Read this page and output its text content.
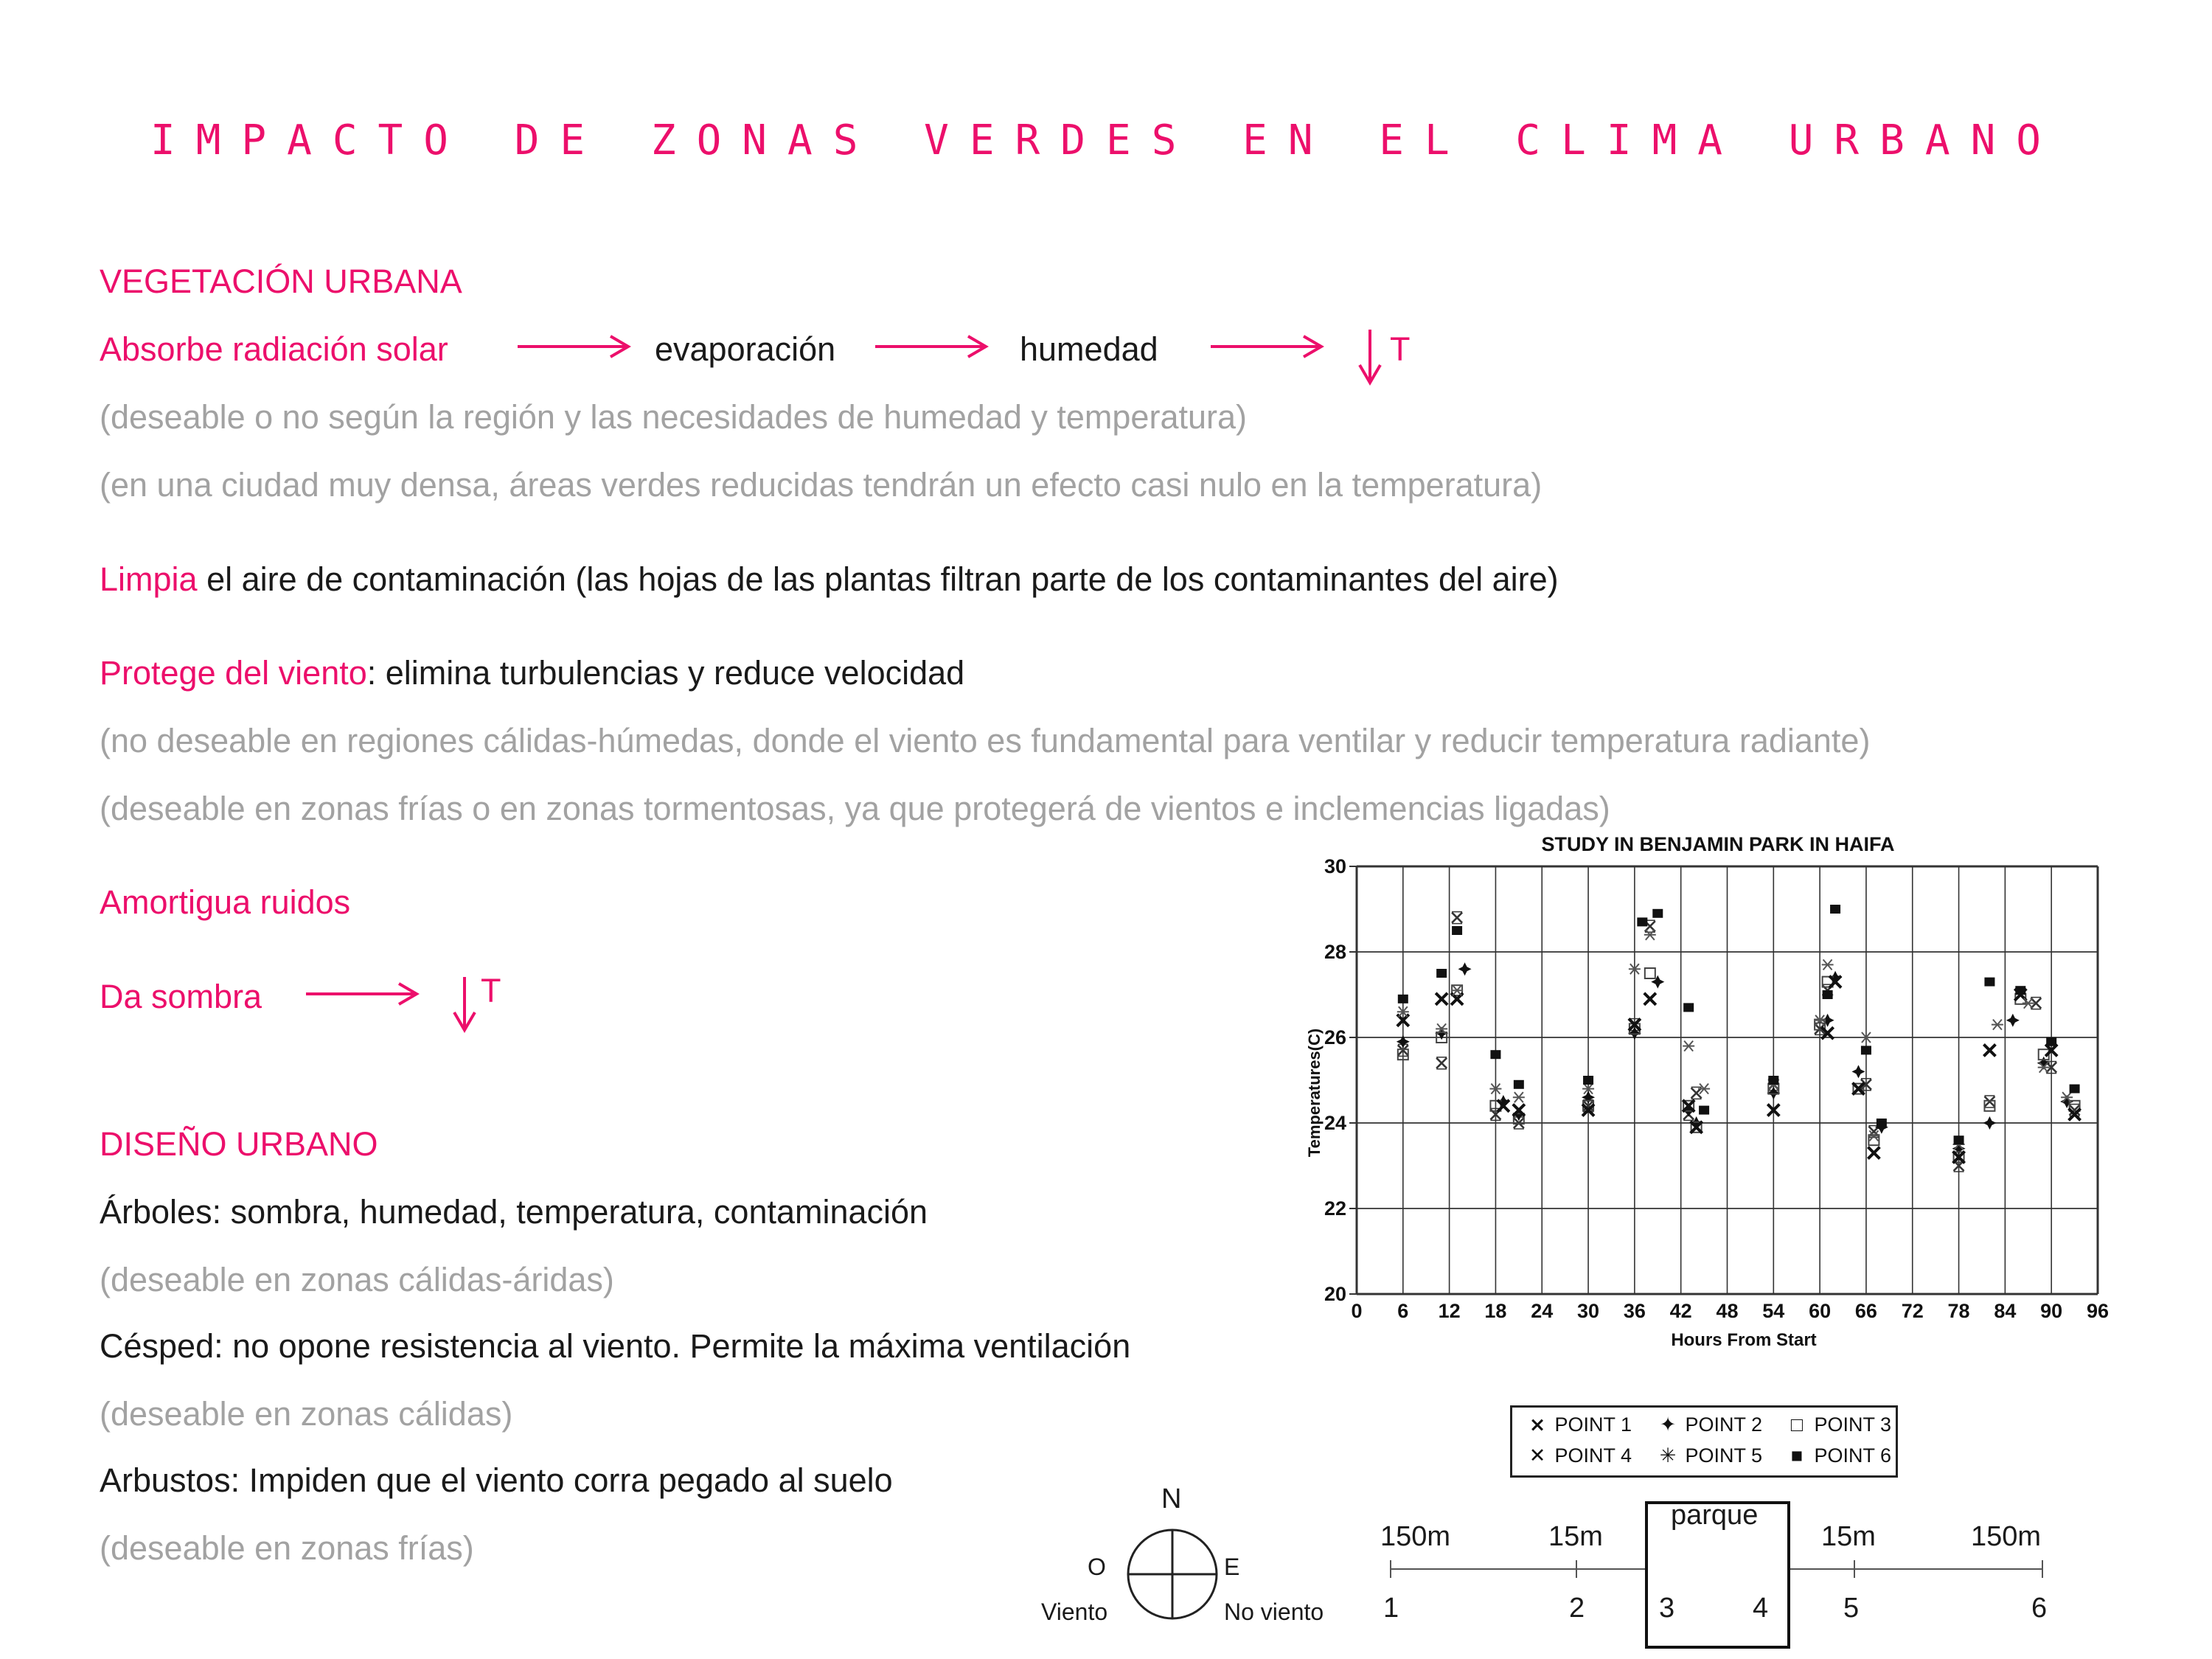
IMPACTO DE ZONAS VERDES EN EL CLIMA URBANO
VEGETACIÓN URBANA
Absorbe radiación solar	evaporación	humedad	T
(deseable o no según la región y las necesidades de humedad y temperatura)
(en una ciudad muy densa, áreas verdes reducidas tendrán un efecto casi nulo en la temperatura)
Limpia el aire de contaminación (las hojas de las plantas filtran parte de los contaminantes del aire)
Protege del viento: elimina turbulencias y reduce velocidad
(no deseable en regiones cálidas-húmedas, donde el viento es fundamental para ventilar y reducir temperatura radiante)
(deseable en zonas frías o en zonas tormentosas, ya que protegerá de vientos e inclemencias ligadas)
Amortigua ruidos
Da sombra	T
DISEÑO URBANO
Árboles: sombra, humedad, temperatura, contaminación
(deseable en zonas cálidas-áridas)
Césped: no opone resistencia al viento. Permite la máxima ventilación
(deseable en zonas cálidas)
Arbustos: Impiden que el viento corra pegado al suelo
(deseable en zonas frías)
STUDY IN BENJAMIN PARK IN HAIFA
0 6 12 18 24 30 36 42 48 54 60 66 72 78 84 90 96
20
22
24
26
28
30
Hours From Start
Temperatures(C)
⨯ POINT 1 ✦ POINT 2 □ POINT 3
✕ POINT 4 ✳ POINT 5 ■ POINT 6
N
O	E
Viento	No viento
parque
150m	15m	15m	150m
1	2	3	4	5	6
